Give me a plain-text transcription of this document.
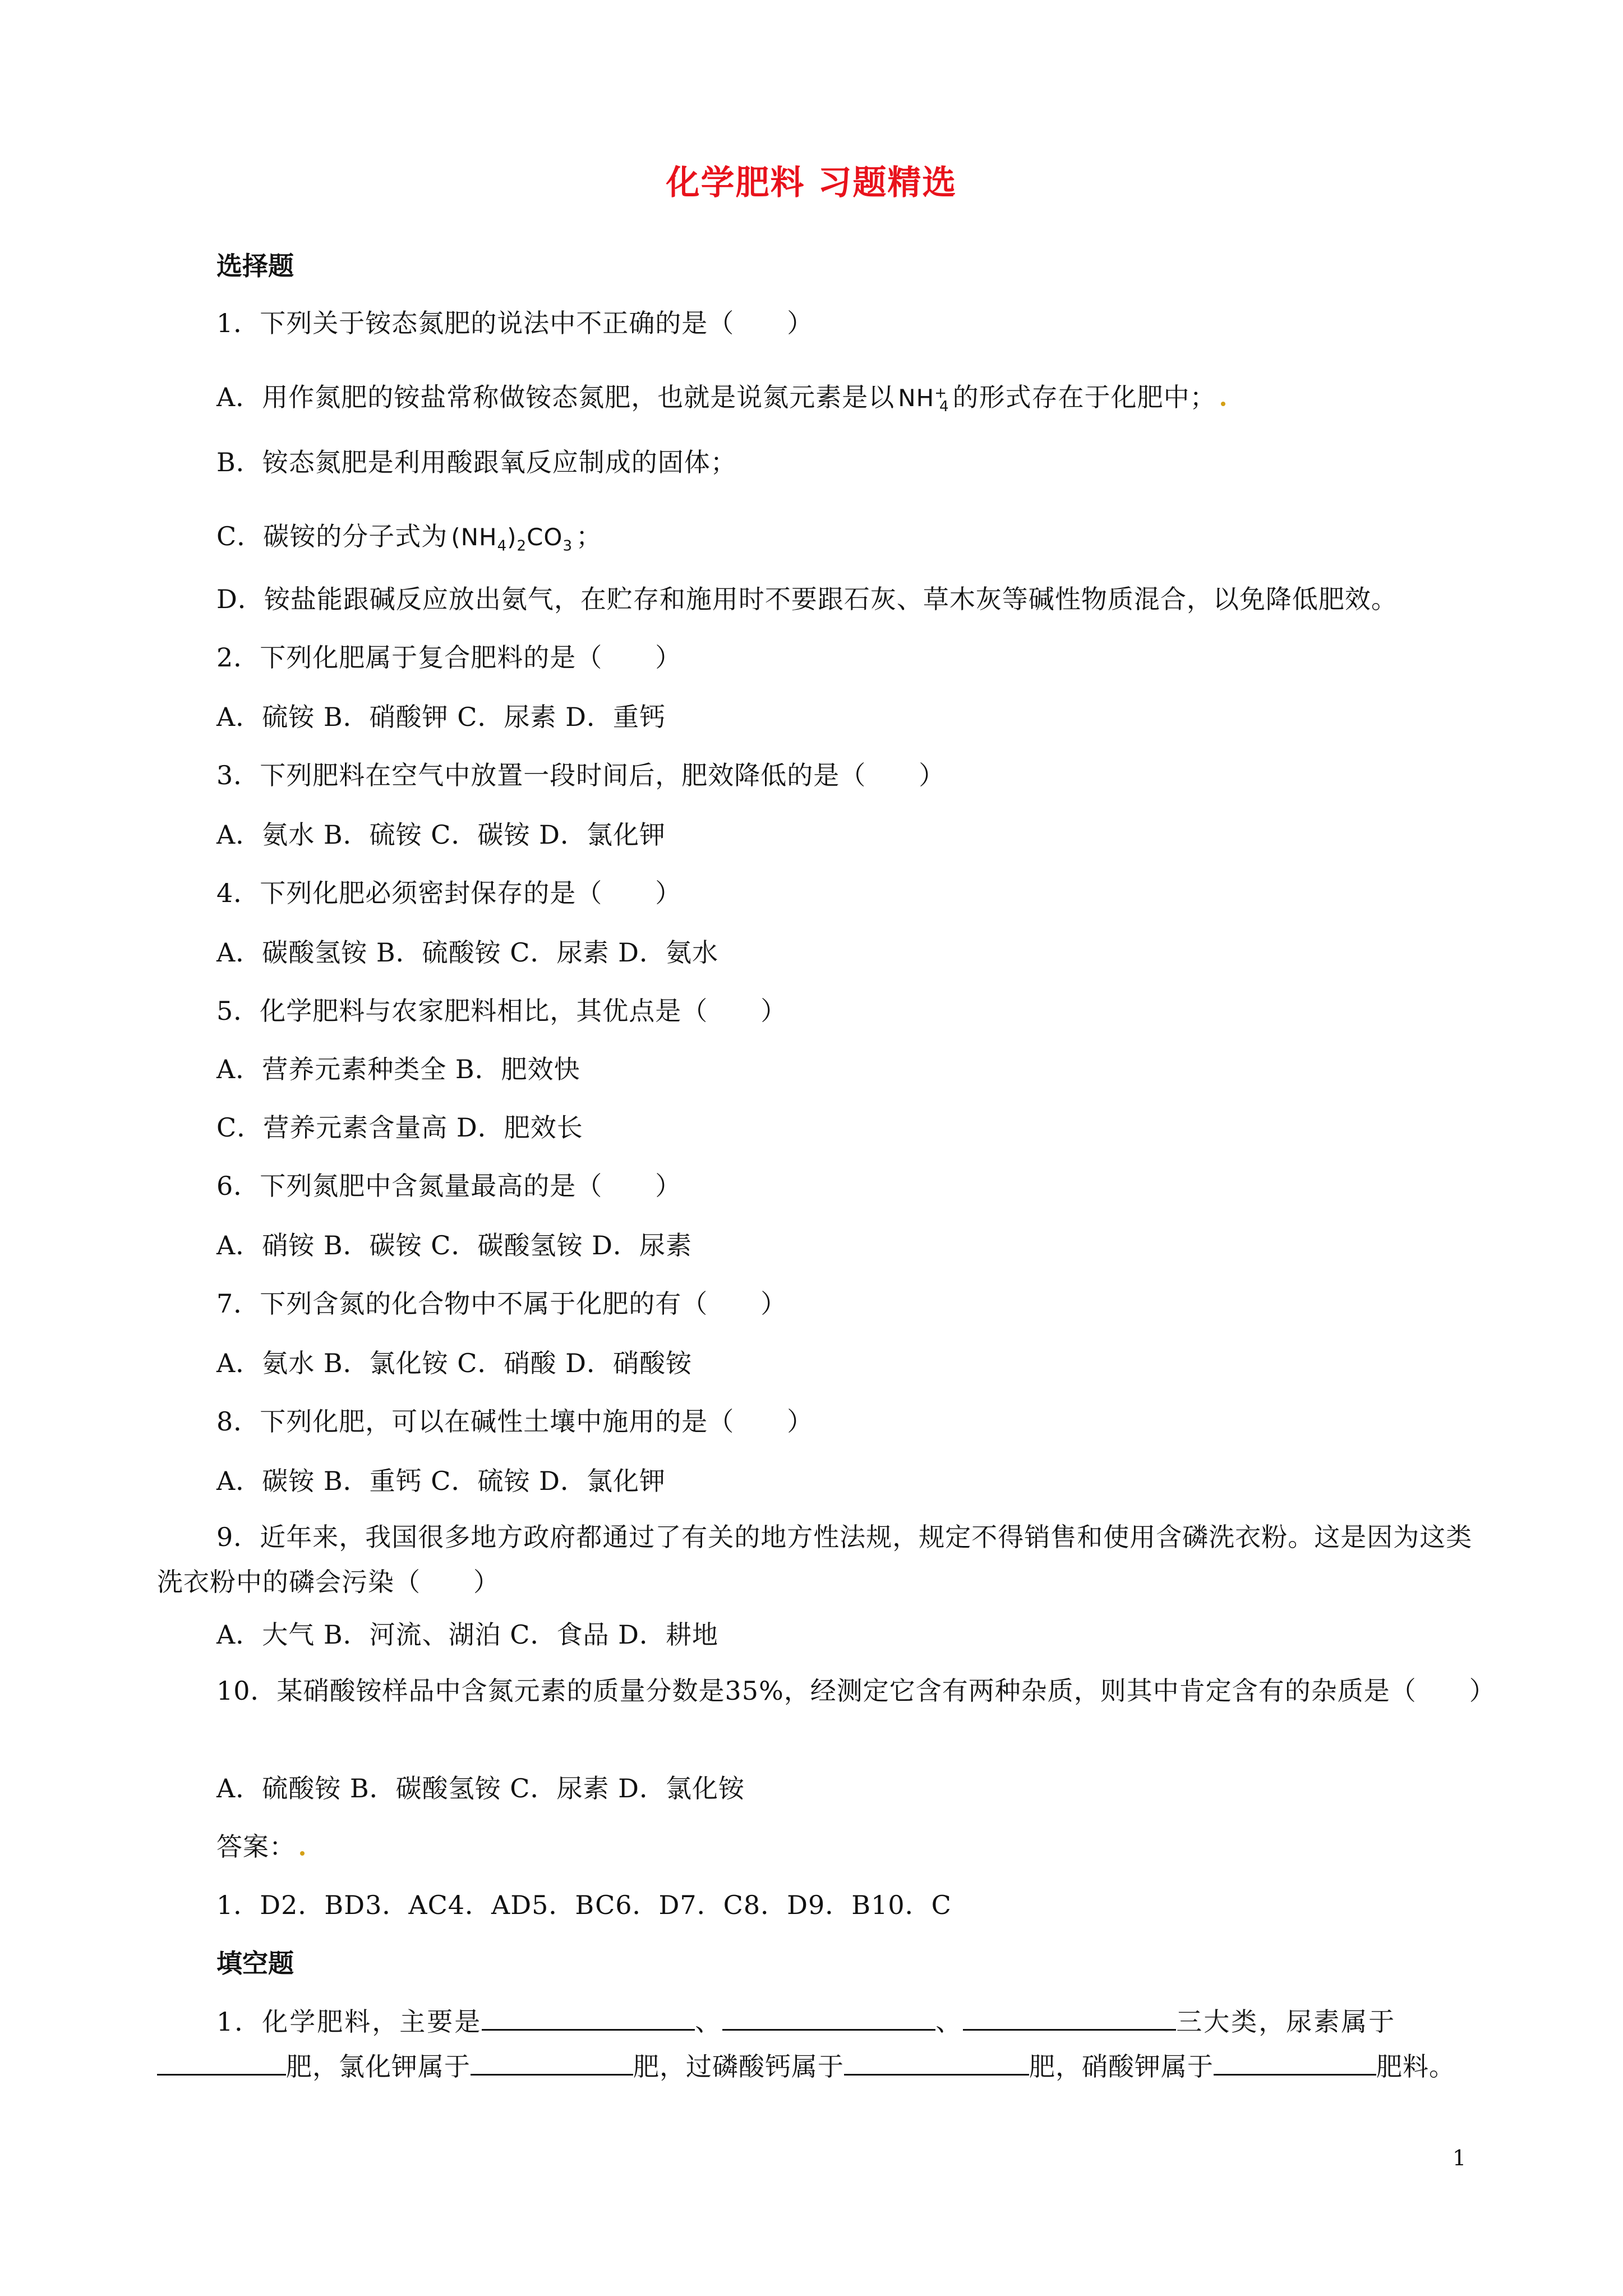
化学肥料 习题精选
选择题
1．下列关于铵态氮肥的说法中不正确的是（　　）
A．用作氮肥的铵盐常称做铵态氮肥，也就是说氮元素是以 $NH^+_4$ 的形式存在于化肥中；
B．铵态氮肥是利用酸跟氧反应制成的固体；
C．碳铵的分子式为 $(NH_4)_2CO_3$ ；
D．铵盐能跟碱反应放出氨气，在贮存和施用时不要跟石灰、草木灰等碱性物质混合，以免降低肥效。
2．下列化肥属于复合肥料的是（　　）
A．硫铵 B．硝酸钾 C．尿素 D．重钙
3．下列肥料在空气中放置一段时间后，肥效降低的是（　　）
A．氨水 B．硫铵 C．碳铵 D．氯化钾
4．下列化肥必须密封保存的是（　　）
A．碳酸氢铵 B．硫酸铵 C．尿素 D．氨水
5．化学肥料与农家肥料相比，其优点是（　　）
A．营养元素种类全 B．肥效快
C．营养元素含量高 D．肥效长
6．下列氮肥中含氮量最高的是（　　）
A．硝铵 B．碳铵 C．碳酸氢铵 D．尿素
7．下列含氮的化合物中不属于化肥的有（　　）
A．氨水 B．氯化铵 C．硝酸 D．硝酸铵
8．下列化肥，可以在碱性土壤中施用的是（　　）
A．碳铵 B．重钙 C．硫铵 D．氯化钾
9．近年来，我国很多地方政府都通过了有关的地方性法规，规定不得销售和使用含磷洗衣粉。这是因为这类洗衣粉中的磷会污染（　　）
A．大气 B．河流、湖泊 C．食品 D．耕地
10．某硝酸铵样品中含氮元素的质量分数是35%，经测定它含有两种杂质，则其中肯定含有的杂质是（　　）
A．硫酸铵 B．碳酸氢铵 C．尿素 D．氯化铵
答案：
1．D2．BD3．AC4．AD5．BC6．D7．C8．D9．B10．C
填空题
1．化学肥料，主要是	、	、	三大类，尿素属于
肥，氯化钾属于	肥，过磷酸钙属于	肥，硝酸钾属于	肥料。
1
